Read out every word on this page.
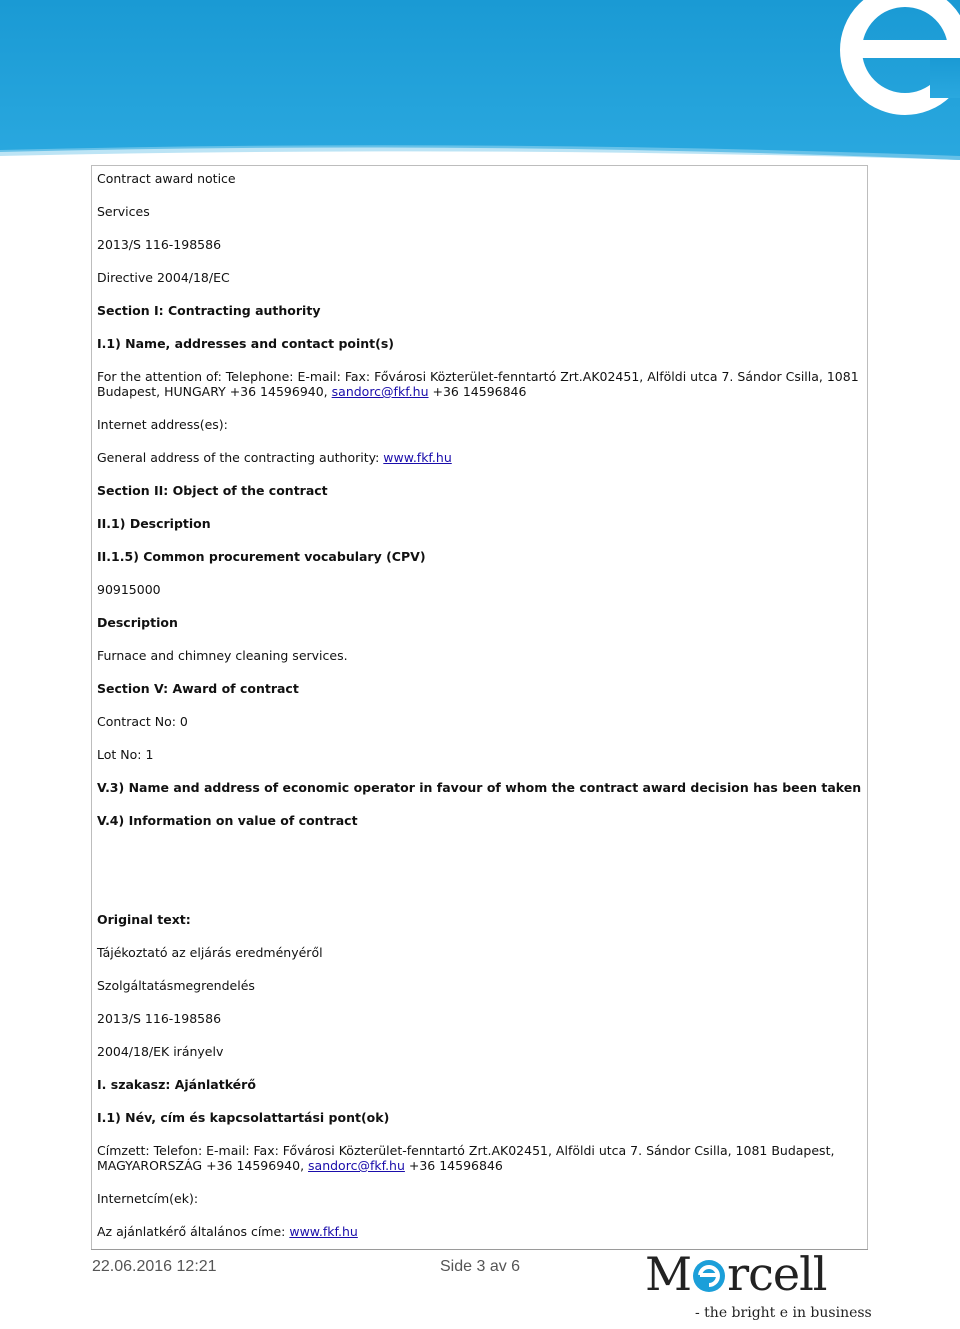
Contract award notice
Services
2013/S 116-198586
Directive 2004/18/EC
Section I: Contracting authority
I.1) Name, addresses and contact point(s)
For the attention of: Telephone: E-mail: Fax: Fővárosi Közterület-fenntartó Zrt.AK02451, Alföldi utca 7. Sándor Csilla, 1081
Budapest, HUNGARY +36 14596940, sandorc@fkf.hu +36 14596846
Internet address(es):
General address of the contracting authority: www.fkf.hu
Section II: Object of the contract
II.1) Description
II.1.5) Common procurement vocabulary (CPV)
90915000
Description
Furnace and chimney cleaning services.
Section V: Award of contract
Contract No: 0
Lot No: 1
V.3) Name and address of economic operator in favour of whom the contract award decision has been taken
V.4) Information on value of contract
Original text:
Tájékoztató az eljárás eredményéről
Szolgáltatásmegrendelés
2013/S 116-198586
2004/18/EK irányelv
I. szakasz: Ajánlatkérő
I.1) Név, cím és kapcsolattartási pont(ok)
Címzett: Telefon: E-mail: Fax: Fővárosi Közterület-fenntartó Zrt.AK02451, Alföldi utca 7. Sándor Csilla, 1081 Budapest,
MAGYARORSZÁG +36 14596940, sandorc@fkf.hu +36 14596846
Internetcím(ek):
Az ajánlatkérő általános címe: www.fkf.hu
22.06.2016 12:21	Side 3 av 6	M rcell
- the bright e in business
